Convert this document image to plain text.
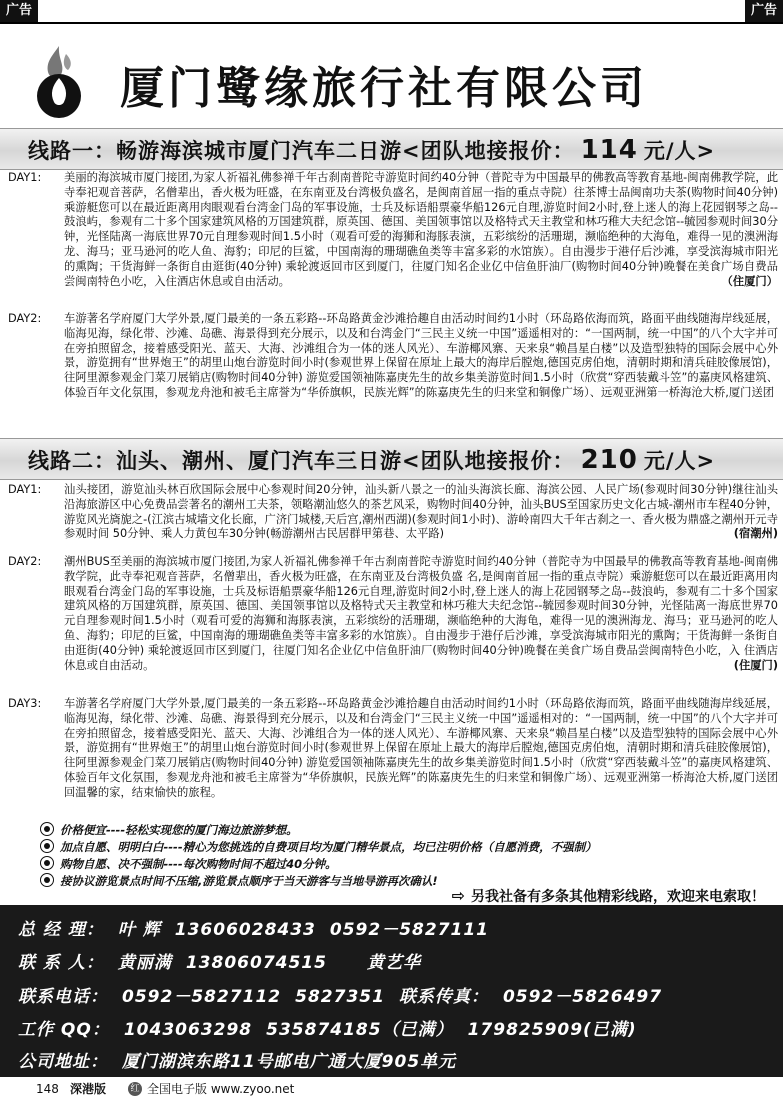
广告	广告
厦门鹭缘旅行社有限公司
线路一：畅游海滨城市厦门汽车二日游<团队地接报价： 114 元/人>
DAY1:	美丽的海滨城市厦门接团,为家人祈福礼佛参禅千年古刹南普陀寺游览时间约40分钟（普陀寺为中国最早的佛教高等教育基地-闽南佛教学院，此寺奉祀观音菩萨，名僧辈出，香火极为旺盛，在东南亚及台湾极负盛名，是闽南首屈一指的重点寺院）往茶博士品闽南功夫茶(购物时间40分钟)乘游艇您可以在最近距离用肉眼观看台湾金门岛的军事设施，士兵及标语船票豪华船126元自理,游览时间2小时,登上迷人的海上花园钢琴之岛--鼓浪屿，参观有二十多个国家建筑风格的万国建筑群，原英国、德国、美国领事馆以及格特式天主教堂和林巧稚大夫纪念馆--毓园参观时间30分钟，光怪陆离一海底世界70元自理参观时间1.5小时（观看可爱的海狮和海豚表演，五彩缤纷的活珊瑚，濒临绝种的大海龟，难得一见的澳洲海龙、海马；亚马逊河的吃人鱼、海豹；印尼的巨鲨，中国南海的珊瑚礁鱼类等丰富多彩的水馆族）。自由漫步于港仔后沙滩，享受滨海城市阳光的熏陶；干货海鲜一条街自由逛街(40分钟) 乘轮渡返回市区到厦门，往厦门知名企业亿中信鱼肝油厂(购物时间40分钟)晚餐在美食广场自费品尝闽南特色小吃，入住酒店休息或自由活动。	（住厦门）
DAY2:	车游著名学府厦门大学外景,厦门最美的一条五彩路--环岛路黄金沙滩拾趣自由活动时间约1小时（环岛路依海而筑，路面平曲线随海岸线延展，临海见海，绿化带、沙滩、岛礁、海景得到充分展示，以及和台湾金门“三民主义统一中国”遥遥相对的：“一国两制，统一中国”的八个大字并可在旁拍照留念，接着感受阳光、蓝天、大海、沙滩组合为一体的迷人风光）、车游椰风寨、天来泉“赖昌星白楼”以及造型独特的国际会展中心外景，游览拥有“世界炮王”的胡里山炮台游览时间小时(参观世界上保留在原址上最大的海岸后膛炮,德国克虏伯炮，清朝时期和清兵硅胶像展馆)，往阿里源参观金门菜刀展销店(购物时间40分钟) 游览爱国领袖陈嘉庚先生的故乡集美游览时间1.5小时（欣赏“穿西装戴斗笠”的嘉庚风格建筑、体验百年文化氛围，参观龙舟池和被毛主席誉为“华侨旗帜，民族光辉”的陈嘉庚先生的归来堂和铜像广场）、远观亚洲第一桥海沧大桥,厦门送团
线路二：汕头、潮州、厦门汽车三日游<团队地接报价： 210 元/人>
DAY1:	汕头接团，游览汕头林百欣国际会展中心参观时间20分钟，汕头新八景之一的汕头海滨长廊、海滨公园、人民广场(参观时间30分钟)继往汕头沿海旅游区中心免费品尝著名的潮州工夫茶，领略潮汕悠久的茶艺风采，购物时间40分钟，汕头BUS至国家历史文化古城-潮州市车程40分钟，游览风光旖旎之-(江滨古城墙文化长廊，广济门城楼,天后宫,潮州西湖)(参观时间1小时)、游岭南四大千年古刹之一、香火极为鼎盛之潮州开元寺参观时间 50分钟、乘人力黄包车30分钟(畅游潮州古民居群甲第巷、太平路)	(宿潮州)
DAY2:	潮州BUS至美丽的海滨城市厦门接团,为家人祈福礼佛参禅千年古刹南普陀寺游览时间约40分钟（普陀寺为中国最早的佛教高等教育基地-闽南佛教学院，此寺奉祀观音菩萨，名僧辈出，香火极为旺盛，在东南亚及台湾极负盛 名,是闽南首屈一指的重点寺院）乘游艇您可以在最近距离用肉眼观看台湾金门岛的军事设施，士兵及标语船票豪华船126元自理,游览时间2小时,登上迷人的海上花园钢琴之岛--鼓浪屿，参观有二十多个国家建筑风格的万国建筑群，原英国、德国、美国领事馆以及格特式天主教堂和林巧稚大夫纪念馆--毓园参观时间30分钟，光怪陆离一海底世界70元自理参观时间1.5小时（观看可爱的海狮和海豚表演，五彩缤纷的活珊瑚，濒临绝种的大海龟，难得一见的澳洲海龙、海马；亚马逊河的吃人鱼、海豹；印尼的巨鲨，中国南海的珊瑚礁鱼类等丰富多彩的水馆族）。自由漫步于港仔后沙滩，享受滨海城市阳光的熏陶；干货海鲜一条街自由逛街(40分钟) 乘轮渡返回市区到厦门，往厦门知名企业亿中信鱼肝油厂(购物时间40分钟)晚餐在美食广场自费品尝闽南特色小吃，入 住酒店休息或自由活动。	(住厦门)
DAY3:	车游著名学府厦门大学外景,厦门最美的一条五彩路--环岛路黄金沙滩拾趣自由活动时间约1小时（环岛路依海而筑，路面平曲线随海岸线延展，临海见海，绿化带、沙滩、岛礁、海景得到充分展示，以及和台湾金门“三民主义统一中国”遥遥相对的：“一国两制，统一中国”的八个大字并可在旁拍照留念，接着感受阳光、蓝天、大海、沙滩组合为一体的迷人风光）、车游椰风寨、天来泉“赖昌星白楼”以及造型独特的国际会展中心外景，游览拥有“世界炮王”的胡里山炮台游览时间小时(参观世界上保留在原址上最大的海岸后膛炮,德国克虏伯炮，清朝时期和清兵硅胶像展馆)，往阿里源参观金门菜刀展销店(购物时间40分钟) 游览爱国领袖陈嘉庚先生的故乡集美游览时间1.5小时（欣赏“穿西装戴斗笠”的嘉庚风格建筑、体验百年文化氛围，参观龙舟池和被毛主席誉为“华侨旗帜，民族光辉”的陈嘉庚先生的归来堂和铜像广场）、远观亚洲第一桥海沧大桥,厦门送团 回温馨的家，结束愉快的旅程。
价格便宜----轻松实现您的厦门海边旅游梦想。
加点自愿、明明白白----精心为您挑选的自费项目均为厦门精华景点，均已注明价格（自愿消费，不强制）
购物自愿、决不强制----每次购物时间不超过40分钟。
接协议游览景点时间不压缩,游览景点顺序于当天游客与当地导游再次确认!
⇨ 另我社备有多条其他精彩线路，欢迎来电索取！
总 经 理： 叶 辉 13606028433 0592－5827111
联 系 人： 黄丽满 13806074515 黄艺华
联系电话： 0592－5827112 5827351 联系传真： 0592－5826497
工作 QQ： 1043063298 535874185（已满） 179825909(已满)
公司地址： 厦门湖滨东路11号邮电广通大厦905单元
148 深港版	红 全国电子版 www.zyoo.net
